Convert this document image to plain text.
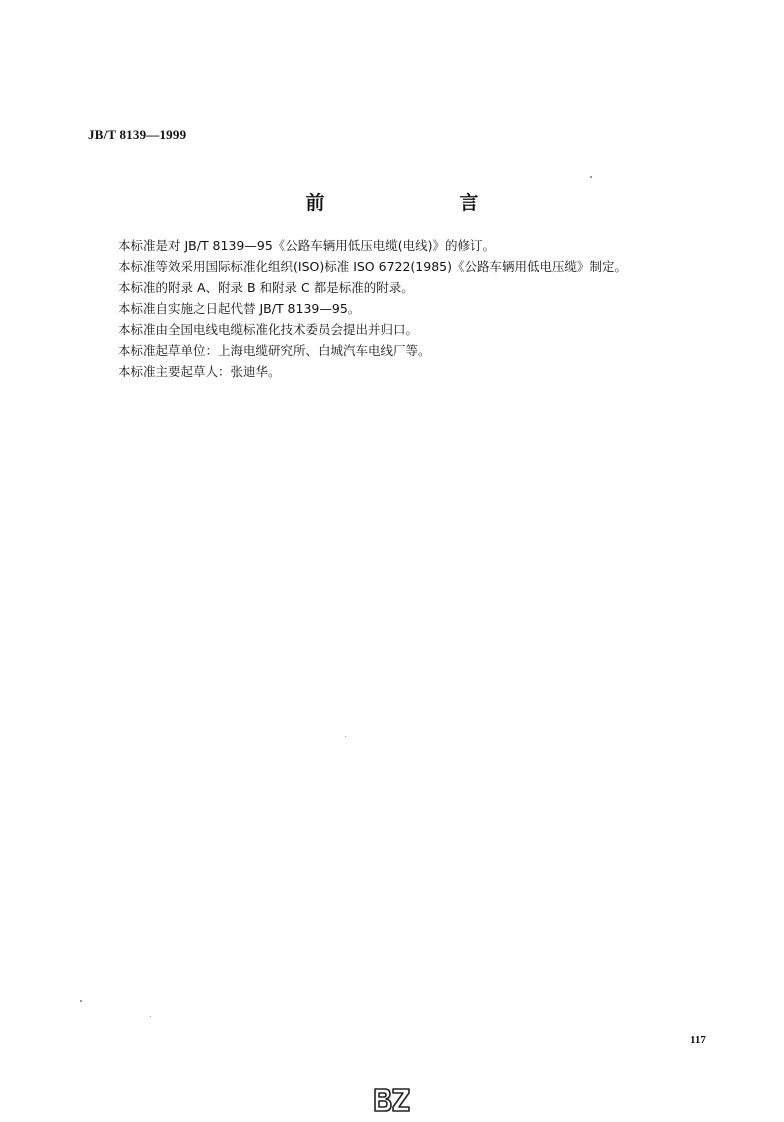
JB/T 8139—1999
前　言
本标准是对 JB/T 8139—95《公路车辆用低压电缆(电线)》的修订。
本标准等效采用国际标准化组织(ISO)标准 ISO 6722(1985)《公路车辆用低电压缆》制定。
本标准的附录 A、附录 B 和附录 C 都是标准的附录。
本标准自实施之日起代替 JB/T 8139—95。
本标准由全国电线电缆标准化技术委员会提出并归口。
本标准起草单位：上海电缆研究所、白城汽车电线厂等。
本标准主要起草人：张迪华。
117
